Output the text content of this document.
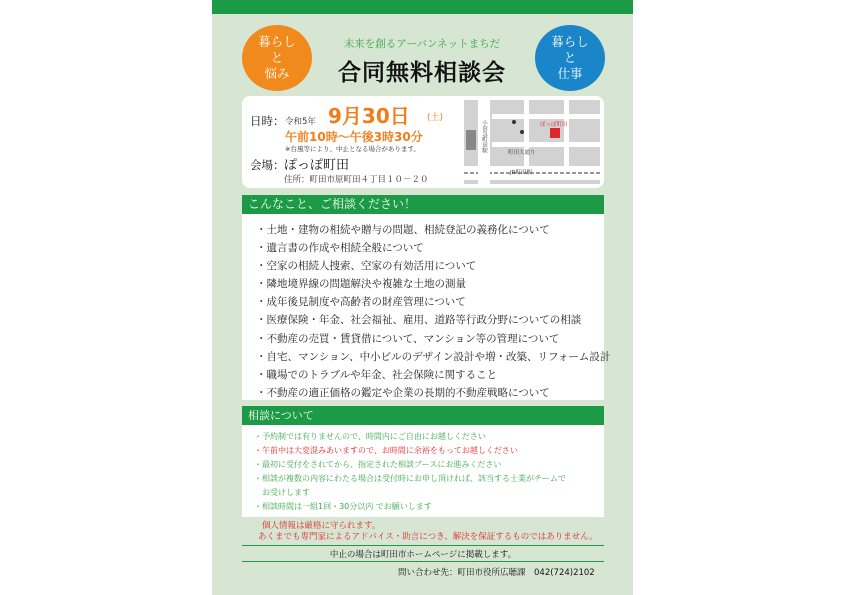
暮らし
と
悩み
暮らし
と
仕事
未来を創るアーバンネットまちだ
合同無料相談会
日時： 令和5年 9月30日 (土)
午前10時～午後3時30分
※台風等により、中止となる場合があります。
会場： ぽっぽ町田
住所：町田市原町田４丁目１０－２０
ぽっぽ町田
小田急町田駅	町田大通り
JR町田駅
こんなこと、ご相談ください！
・土地・建物の相続や贈与の問題、相続登記の義務化について
・遺言書の作成や相続全般について
・空家の相続人捜索、空家の有効活用について
・隣地境界線の問題解決や複雑な土地の測量
・成年後見制度や高齢者の財産管理について
・医療保険・年金、社会福祉、雇用、道路等行政分野についての相談
・不動産の売買・賃貸借について、マンション等の管理について
・自宅、マンション、中小ビルのデザイン設計や増・改築、リフォーム設計
・職場でのトラブルや年金、社会保険に関すること
・不動産の適正価格の鑑定や企業の長期的不動産戦略について
相談について
・予約制では有りませんので、時間内にご自由にお越しください
・午前中は大変混みあいますので、お時間に余裕をもってお越しください
・最初に受付をされてから、指定された相談ブースにお進みください
・相談が複数の内容にわたる場合は受付時にお申し頂ければ、該当する士業がチームで
　お受けします
・相談時間は一組1回・30分以内 でお願いします
個人情報は厳格に守られます。
あくまでも専門家によるアドバイス・助言につき、解決を保証するものではありません。
中止の場合は町田市ホームページに掲載します。
問い合わせ先：町田市役所広聴課　042(724)2102
